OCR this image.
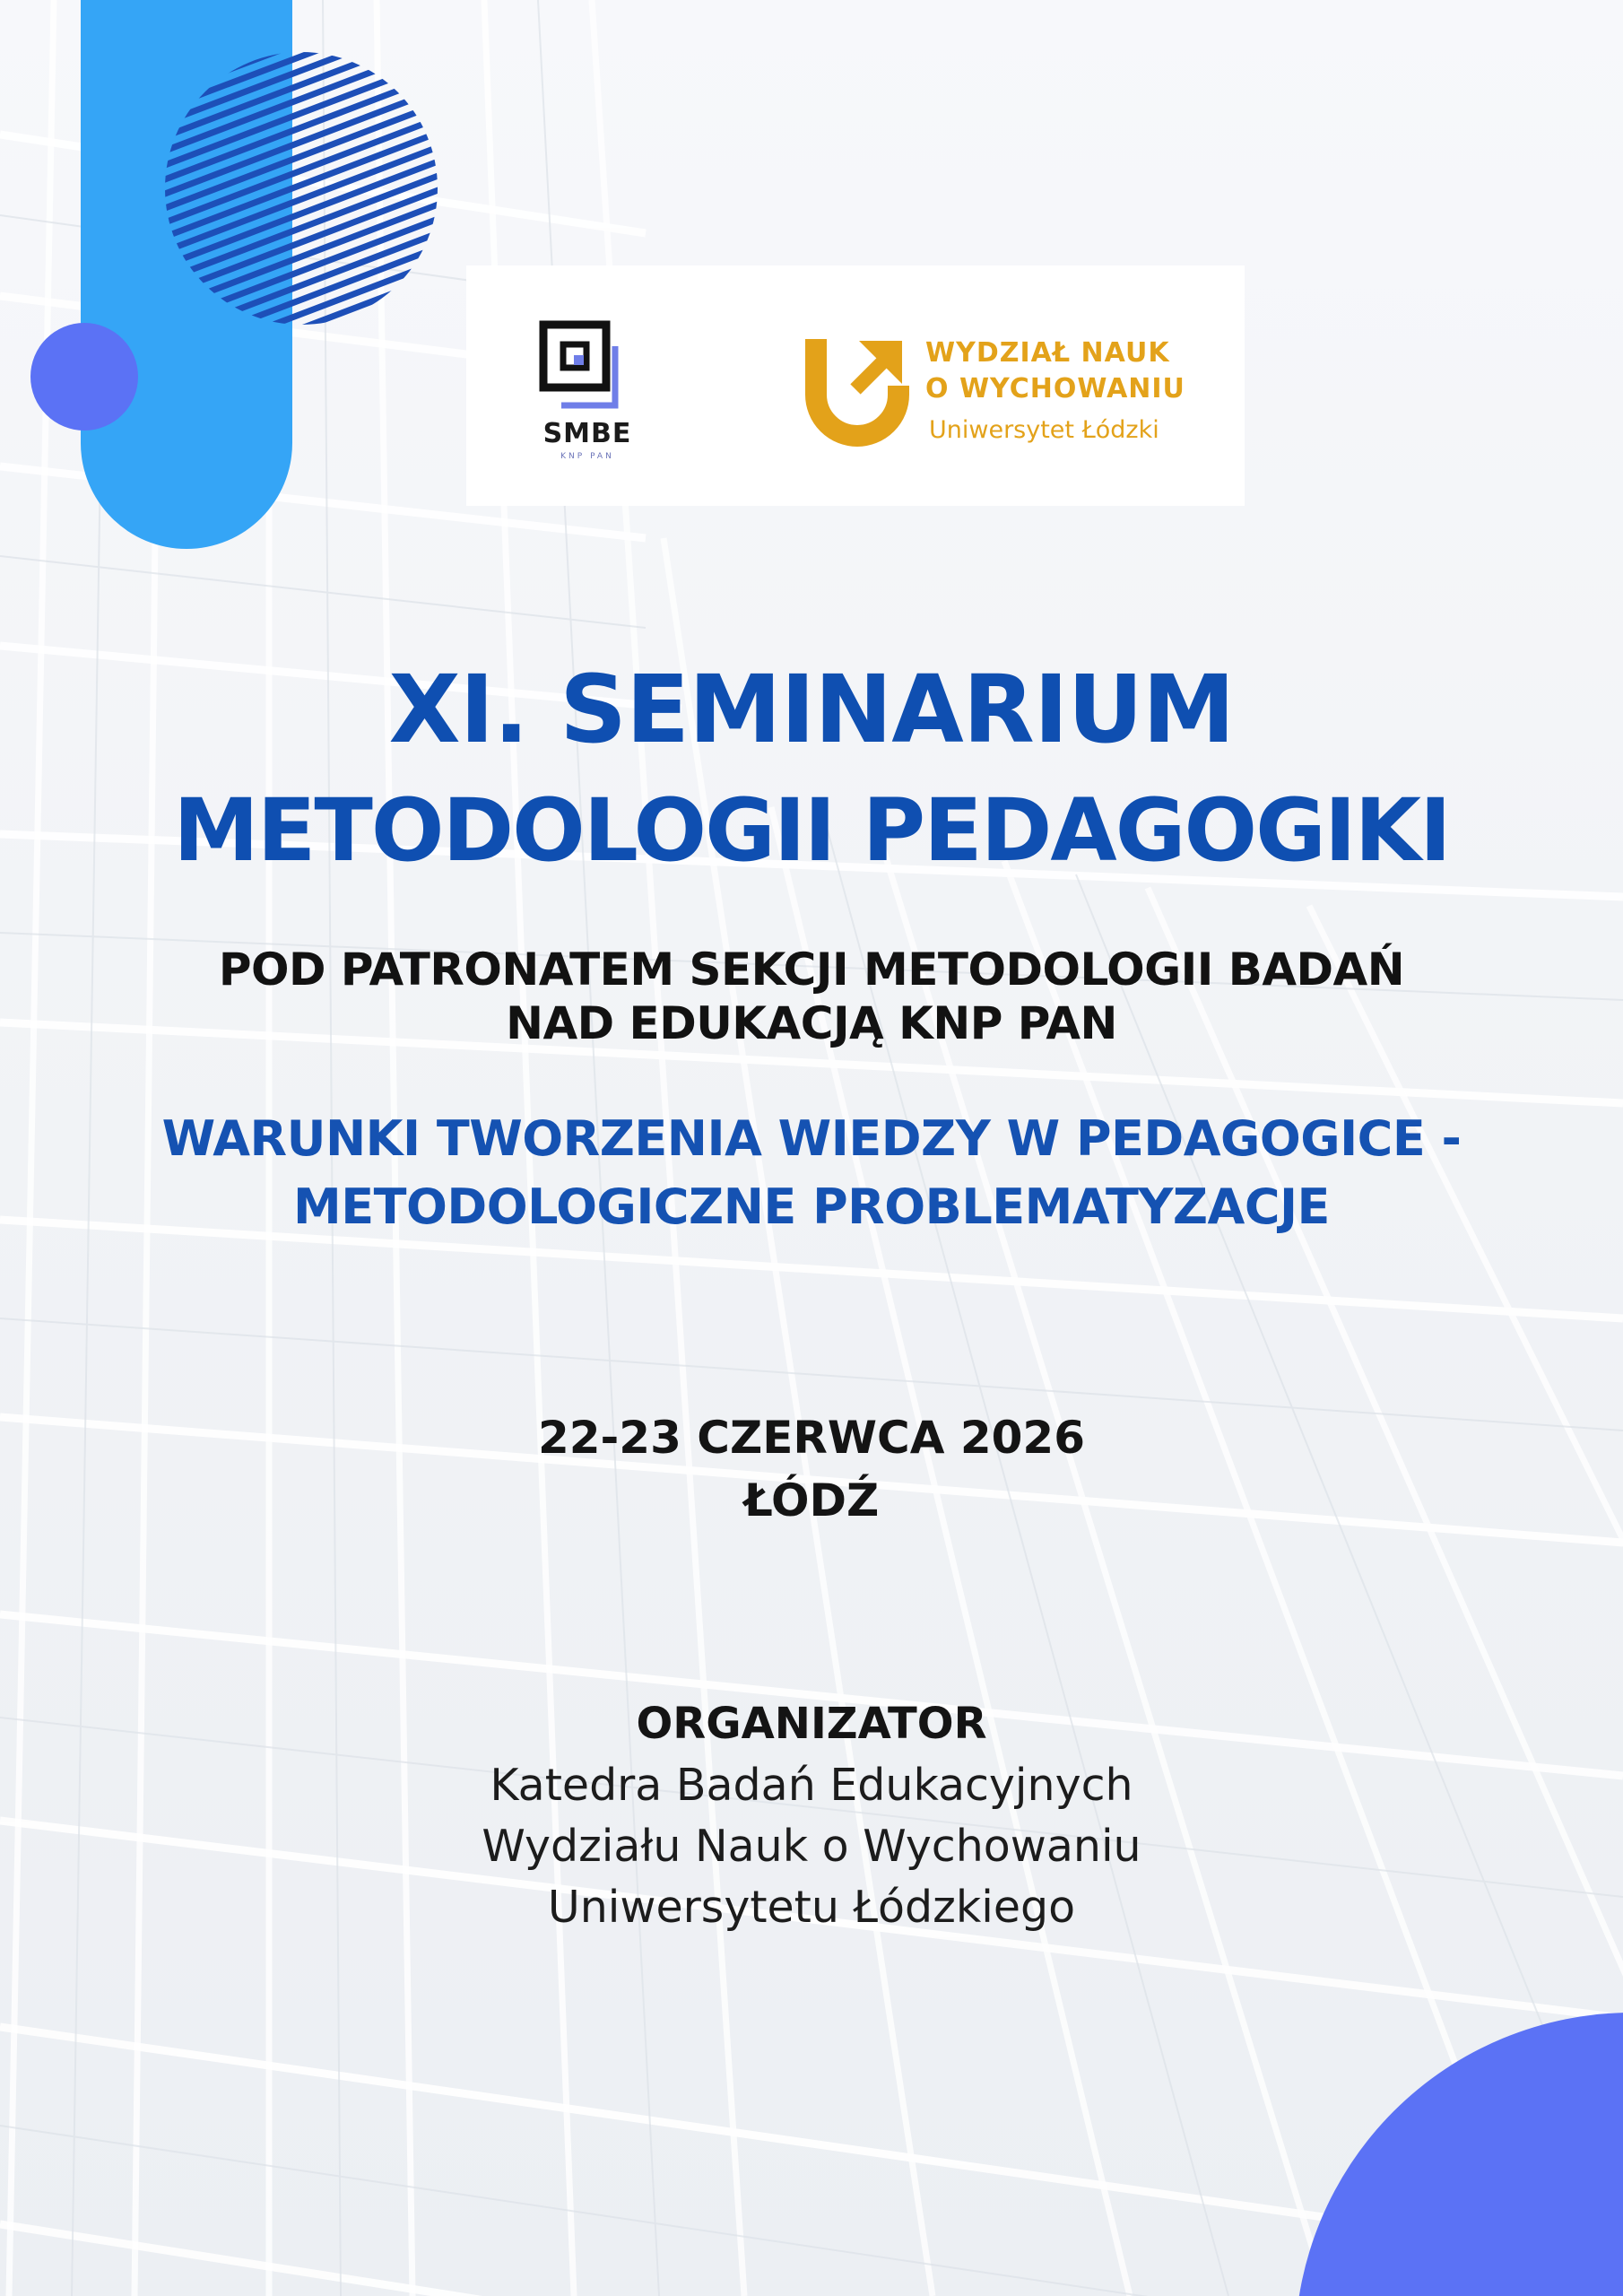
SMBE
KNP PAN
WYDZIAŁ NAUK
O WYCHOWANIU
Uniwersytet Łódzki
XI. SEMINARIUM
METODOLOGII PEDAGOGIKI
POD PATRONATEM SEKCJI METODOLOGII BADAŃ
NAD EDUKACJĄ KNP PAN
WARUNKI TWORZENIA WIEDZY W PEDAGOGICE -
METODOLOGICZNE PROBLEMATYZACJE
22-23 CZERWCA 2026
ŁÓDŹ
ORGANIZATOR
Katedra Badań Edukacyjnych
Wydziału Nauk o Wychowaniu
Uniwersytetu Łódzkiego
